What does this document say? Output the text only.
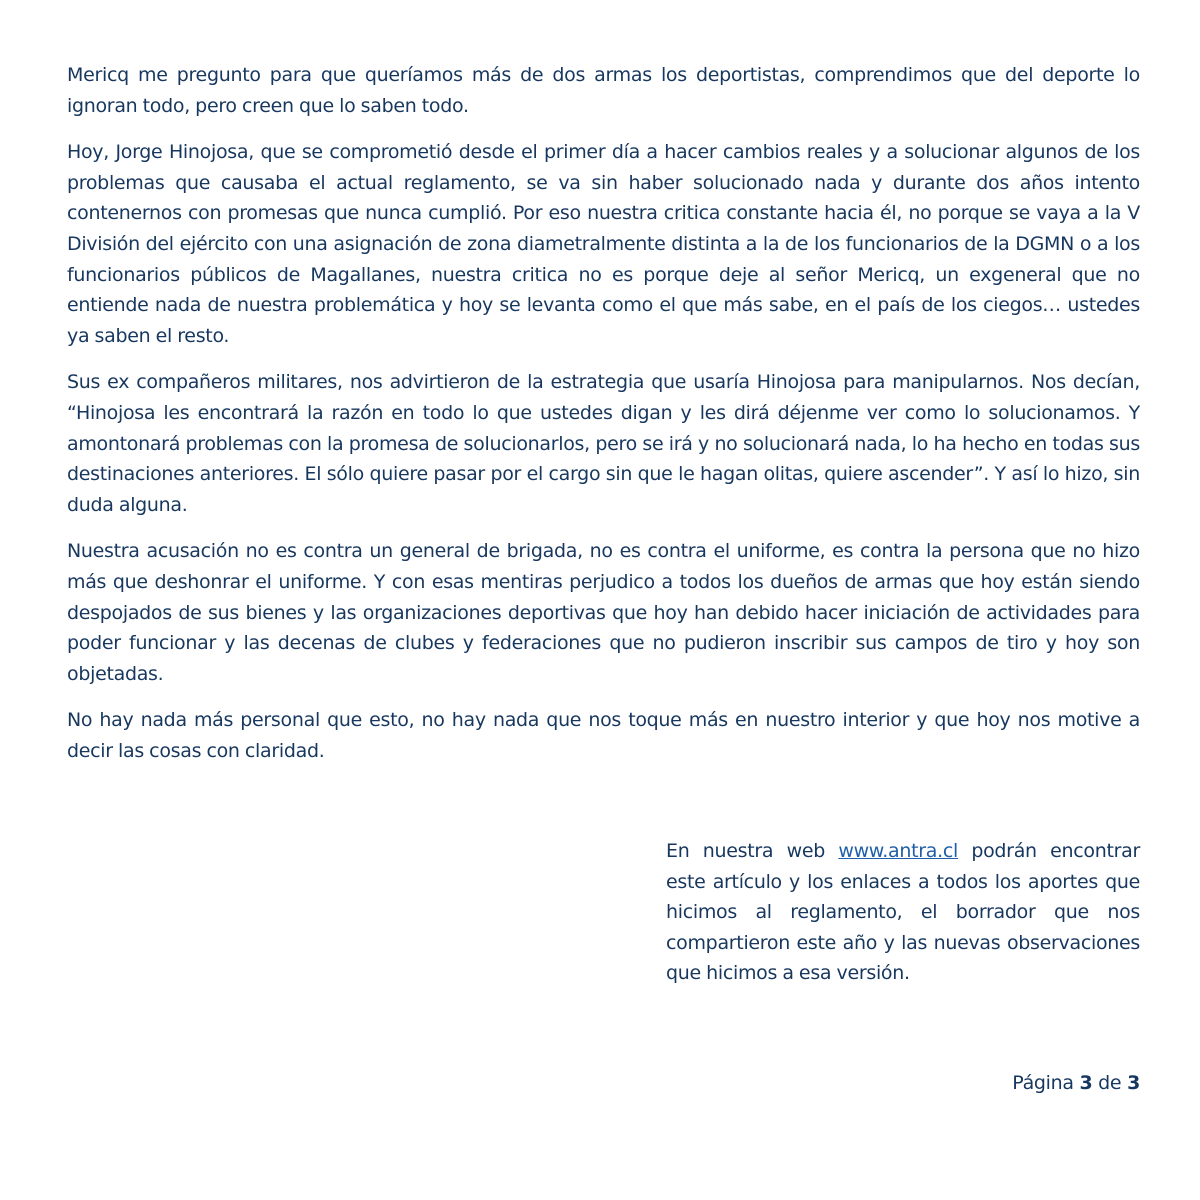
Mericq me pregunto para que queríamos más de dos armas los deportistas, comprendimos que del deporte lo ignoran todo, pero creen que lo saben todo.

Hoy, Jorge Hinojosa, que se comprometió desde el primer día a hacer cambios reales y a solucionar algunos de los problemas que causaba el actual reglamento, se va sin haber solucionado nada y durante dos años intento contenernos con promesas que nunca cumplió. Por eso nuestra critica constante hacia él, no porque se vaya a la V División del ejército con una asignación de zona diametralmente distinta a la de los funcionarios de la DGMN o a los funcionarios públicos de Magallanes, nuestra critica no es porque deje al señor Mericq, un exgeneral que no entiende nada de nuestra problemática y hoy se levanta como el que más sabe, en el país de los ciegos… ustedes ya saben el resto.

Sus ex compañeros militares, nos advirtieron de la estrategia que usaría Hinojosa para manipularnos. Nos decían, “Hinojosa les encontrará la razón en todo lo que ustedes digan y les dirá déjenme ver como lo solucionamos. Y amontonará problemas con la promesa de solucionarlos, pero se irá y no solucionará nada, lo ha hecho en todas sus destinaciones anteriores. El sólo quiere pasar por el cargo sin que le hagan olitas, quiere ascender”. Y así lo hizo, sin duda alguna.

Nuestra acusación no es contra un general de brigada, no es contra el uniforme, es contra la persona que no hizo más que deshonrar el uniforme. Y con esas mentiras perjudico a todos los dueños de armas que hoy están siendo despojados de sus bienes y las organizaciones deportivas que hoy han debido hacer iniciación de actividades para poder funcionar y las decenas de clubes y federaciones que no pudieron inscribir sus campos de tiro y hoy son objetadas.

No hay nada más personal que esto, no hay nada que nos toque más en nuestro interior y que hoy nos motive a decir las cosas con claridad.

En nuestra web www.antra.cl podrán encontrar este artículo y los enlaces a todos los aportes que hicimos al reglamento, el borrador que nos compartieron este año y las nuevas observaciones que hicimos a esa versión.

Página 3 de 3
